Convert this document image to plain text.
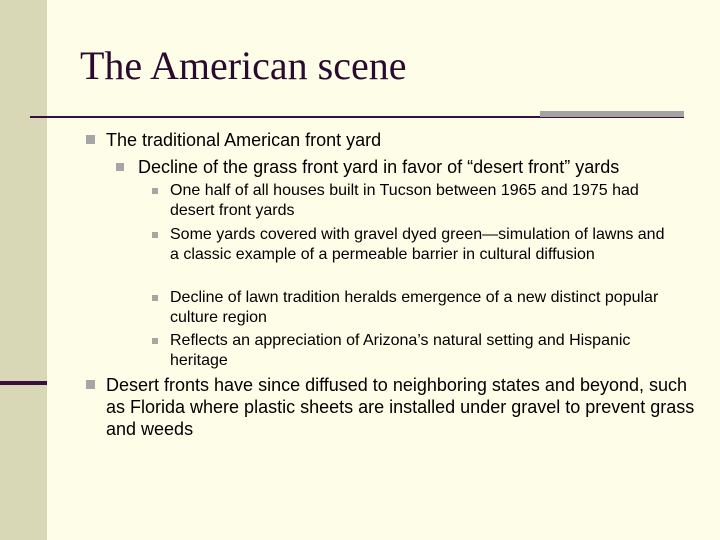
The American scene

The traditional American front yard

Decline of the grass front yard in favor of “desert front” yards

One half of all houses built in Tucson between 1965 and 1975 had desert front yards

Some yards covered with gravel dyed green—simulation of lawns and a classic example of a permeable barrier in cultural diffusion

Decline of lawn tradition heralds emergence of a new distinct popular culture region

Reflects an appreciation of Arizona’s natural setting and Hispanic heritage

Desert fronts have since diffused to neighboring states and beyond, such as Florida where plastic sheets are installed under gravel to prevent grass and weeds
